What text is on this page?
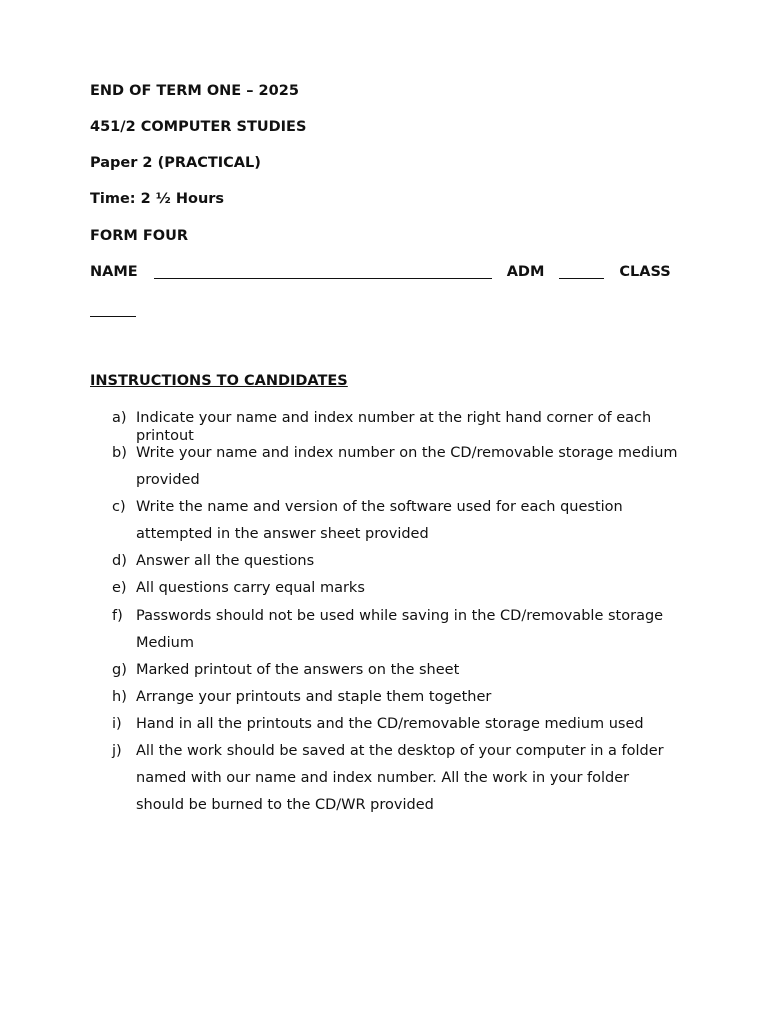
END OF TERM ONE – 2025
451/2 COMPUTER STUDIES
Paper 2 (PRACTICAL)
Time: 2 ½ Hours
FORM FOUR
NAME	ADM	CLASS
INSTRUCTIONS TO CANDIDATES
a) Indicate your name and index number at the right hand corner of each printout
b) Write your name and index number on the CD/removable storage medium provided
c) Write the name and version of the software used for each question attempted in the answer sheet provided
d) Answer all the questions
e) All questions carry equal marks
f) Passwords should not be used while saving in the CD/removable storage Medium
g) Marked printout of the answers on the sheet
h) Arrange your printouts and staple them together
i) Hand in all the printouts and the CD/removable storage medium used
j) All the work should be saved at the desktop of your computer in a folder named with our name and index number. All the work in your folder should be burned to the CD/WR provided
